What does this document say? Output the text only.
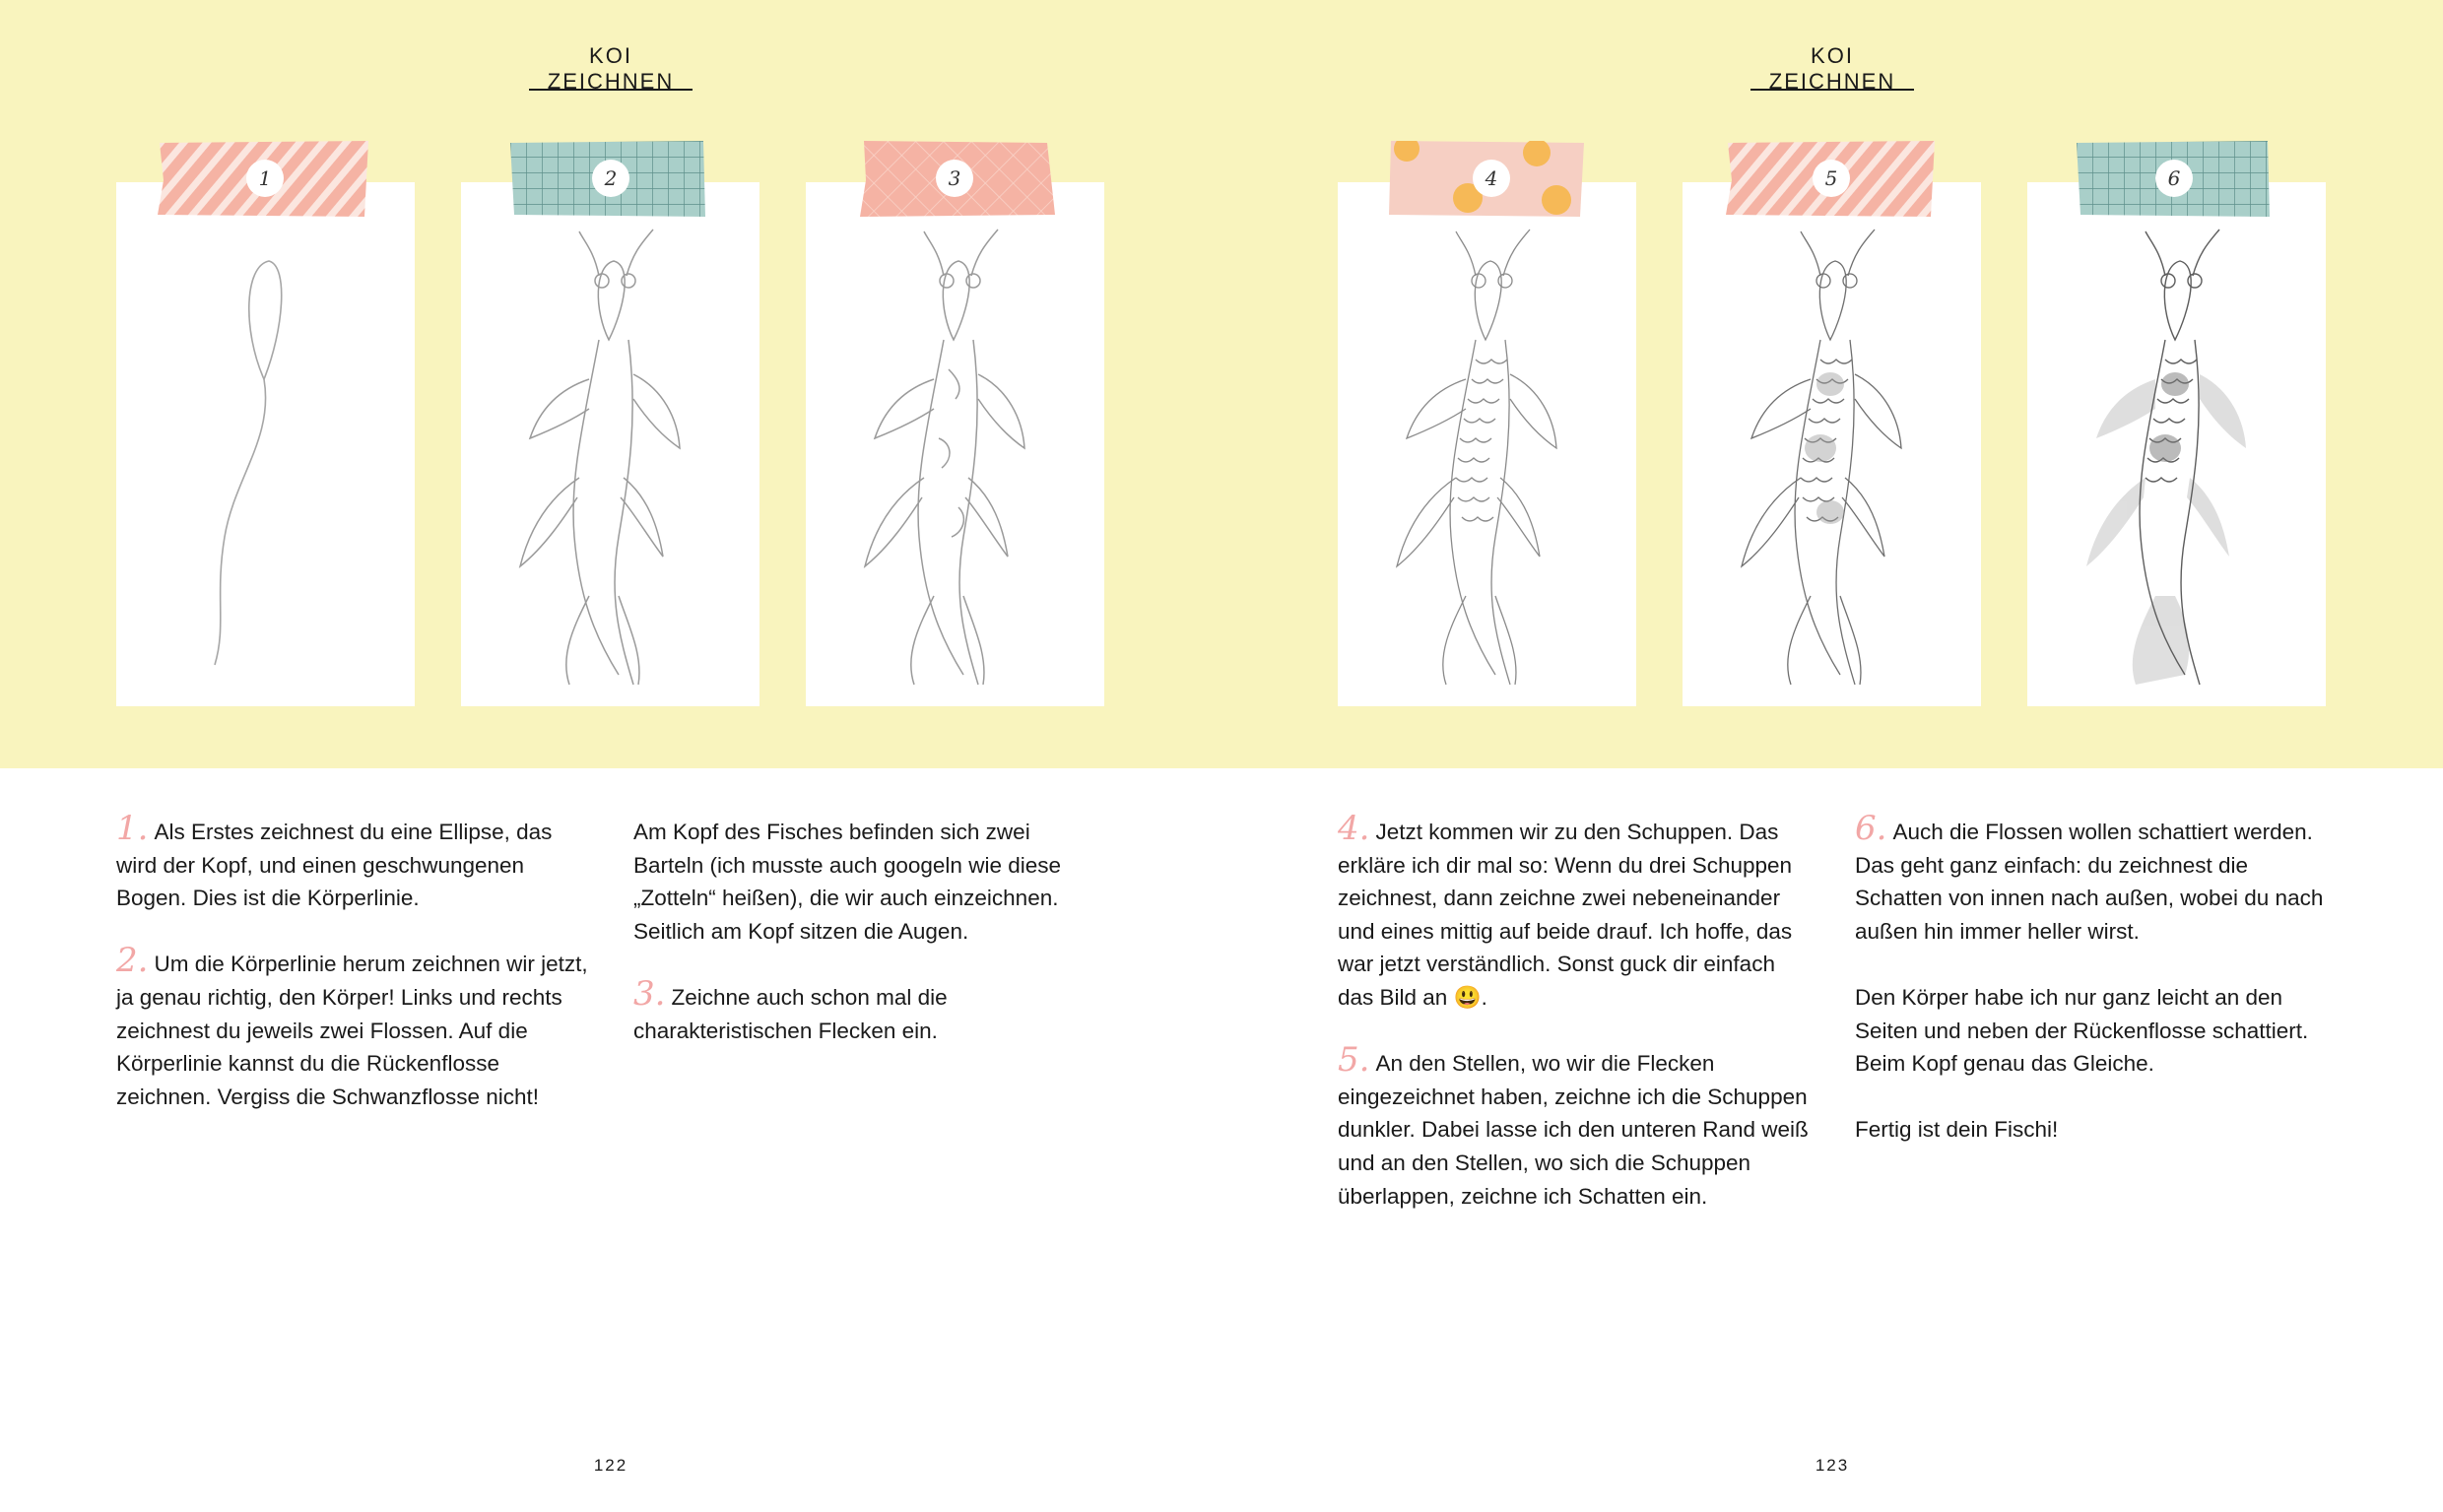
KOI ZEICHNEN
KOI ZEICHNEN
1	2	3	4	5	6

1. Als Erstes zeichnest du eine Ellipse, das wird der Kopf, und einen geschwungenen Bogen. Dies ist die Körperlinie.

2. Um die Körperlinie herum zeichnen wir jetzt, ja genau richtig, den Körper! Links und rechts zeichnest du jeweils zwei Flossen. Auf die Körperlinie kannst du die Rückenflosse zeichnen. Vergiss die Schwanzflosse nicht!

Am Kopf des Fisches befinden sich zwei Barteln (ich musste auch googeln wie diese „Zotteln“ heißen), die wir auch einzeichnen. Seitlich am Kopf sitzen die Augen.

3. Zeichne auch schon mal die charakteristischen Flecken ein.

4. Jetzt kommen wir zu den Schuppen. Das erkläre ich dir mal so: Wenn du drei Schuppen zeichnest, dann zeichne zwei nebeneinander und eines mittig auf beide drauf. Ich hoffe, das war jetzt verständlich. Sonst guck dir einfach das Bild an 😃.

5. An den Stellen, wo wir die Flecken eingezeichnet haben, zeichne ich die Schuppen dunkler. Dabei lasse ich den unteren Rand weiß und an den Stellen, wo sich die Schuppen überlappen, zeichne ich Schatten ein.

6. Auch die Flossen wollen schattiert werden. Das geht ganz einfach: du zeichnest die Schatten von innen nach außen, wobei du nach außen hin immer heller wirst.

Den Körper habe ich nur ganz leicht an den Seiten und neben der Rückenflosse schattiert. Beim Kopf genau das Gleiche.

Fertig ist dein Fischi!

122	123
